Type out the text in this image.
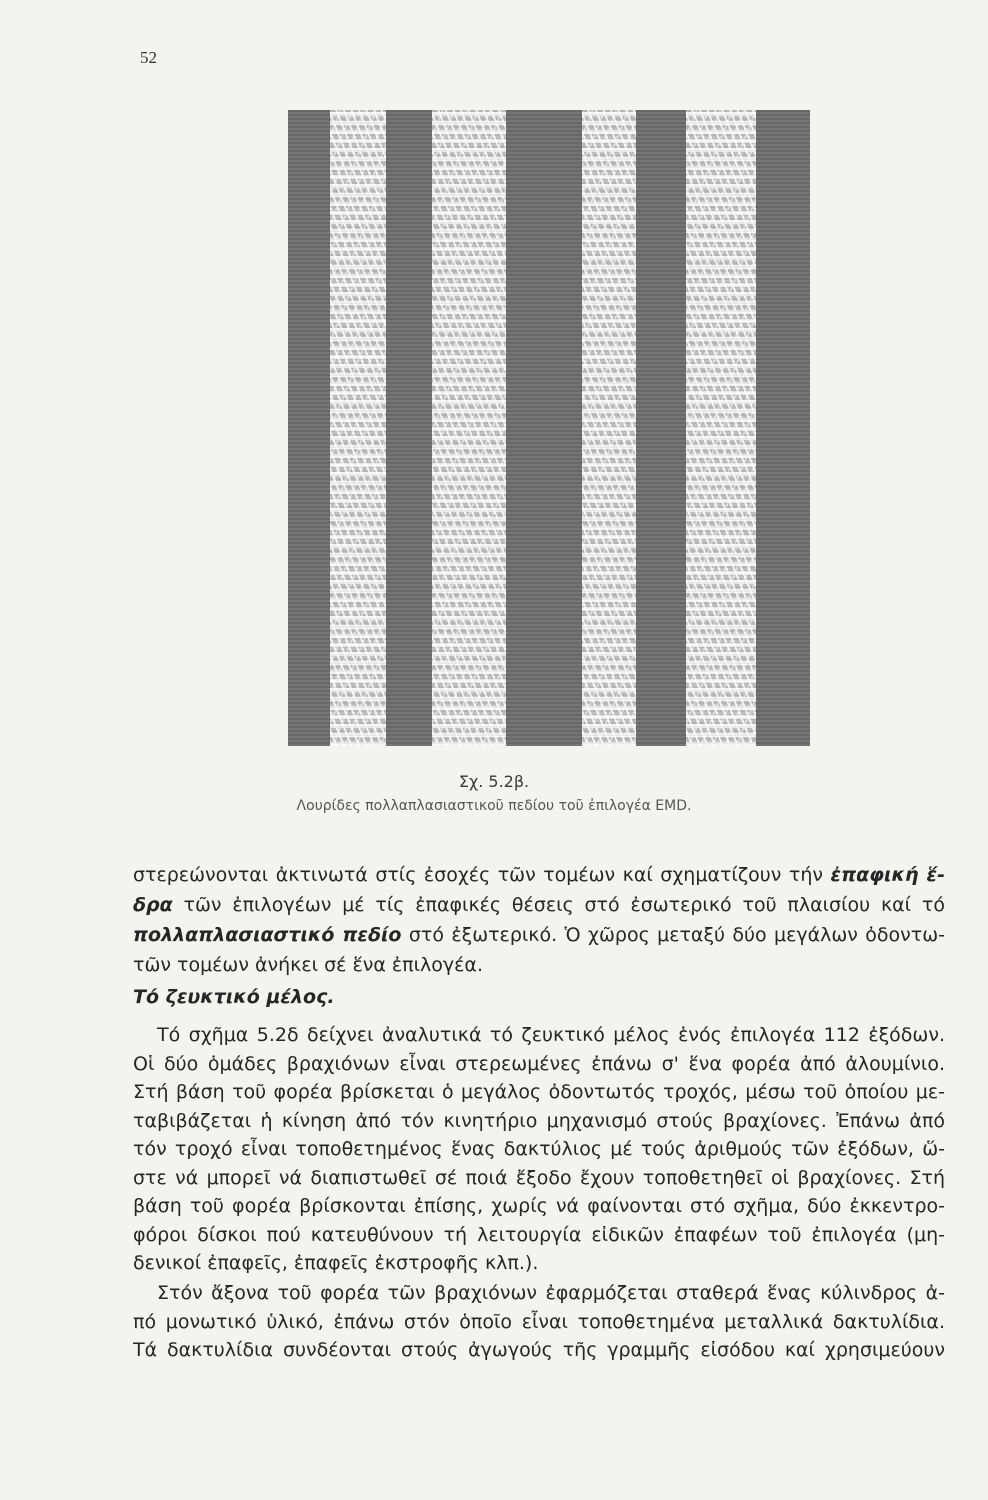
52
Σχ. 5.2β.
Λουρίδες πολλαπλασιαστικοῦ πεδίου τοῦ ἐπιλογέα EMD.
στερεώνονται ἀκτινωτά στίς ἐσοχές τῶν τομέων καί σχηματίζουν τήν ἐπαφική ἕ-
δρα τῶν ἐπιλογέων μέ τίς ἐπαφικές θέσεις στό ἐσωτερικό τοῦ πλαισίου καί τό
πολλαπλασιαστικό πεδίο στό ἐξωτερικό. Ὁ χῶρος μεταξύ δύο μεγάλων ὀδοντω-
τῶν τομέων ἀνήκει σέ ἕνα ἐπιλογέα.
Τό ζευκτικό μέλος.
Τό σχῆμα 5.2δ δείχνει ἀναλυτικά τό ζευκτικό μέλος ἑνός ἐπιλογέα 112 ἐξόδων.
Οἱ δύο ὁμάδες βραχιόνων εἶναι στερεωμένες ἐπάνω σ' ἕνα φορέα ἀπό ἀλουμίνιο.
Στή βάση τοῦ φορέα βρίσκεται ὁ μεγάλος ὀδοντωτός τροχός, μέσω τοῦ ὁποίου με-
ταβιβάζεται ἡ κίνηση ἀπό τόν κινητήριο μηχανισμό στούς βραχίονες. Ἐπάνω ἀπό
τόν τροχό εἶναι τοποθετημένος ἕνας δακτύλιος μέ τούς ἀριθμούς τῶν ἐξόδων, ὥ-
στε νά μπορεῖ νά διαπιστωθεῖ σέ ποιά ἔξοδο ἔχουν τοποθετηθεῖ οἱ βραχίονες. Στή
βάση τοῦ φορέα βρίσκονται ἐπίσης, χωρίς νά φαίνονται στό σχῆμα, δύο ἐκκεντρο-
φόροι δίσκοι πού κατευθύνουν τή λειτουργία εἰδικῶν ἐπαφέων τοῦ ἐπιλογέα (μη-
δενικοί ἐπαφεῖς, ἐπαφεῖς ἐκστροφῆς κλπ.).
Στόν ἄξονα τοῦ φορέα τῶν βραχιόνων ἐφαρμόζεται σταθερά ἕνας κύλινδρος ἀ-
πό μονωτικό ὑλικό, ἐπάνω στόν ὁποῖο εἶναι τοποθετημένα μεταλλικά δακτυλίδια.
Τά δακτυλίδια συνδέονται στούς ἀγωγούς τῆς γραμμῆς εἰσόδου καί χρησιμεύουν
